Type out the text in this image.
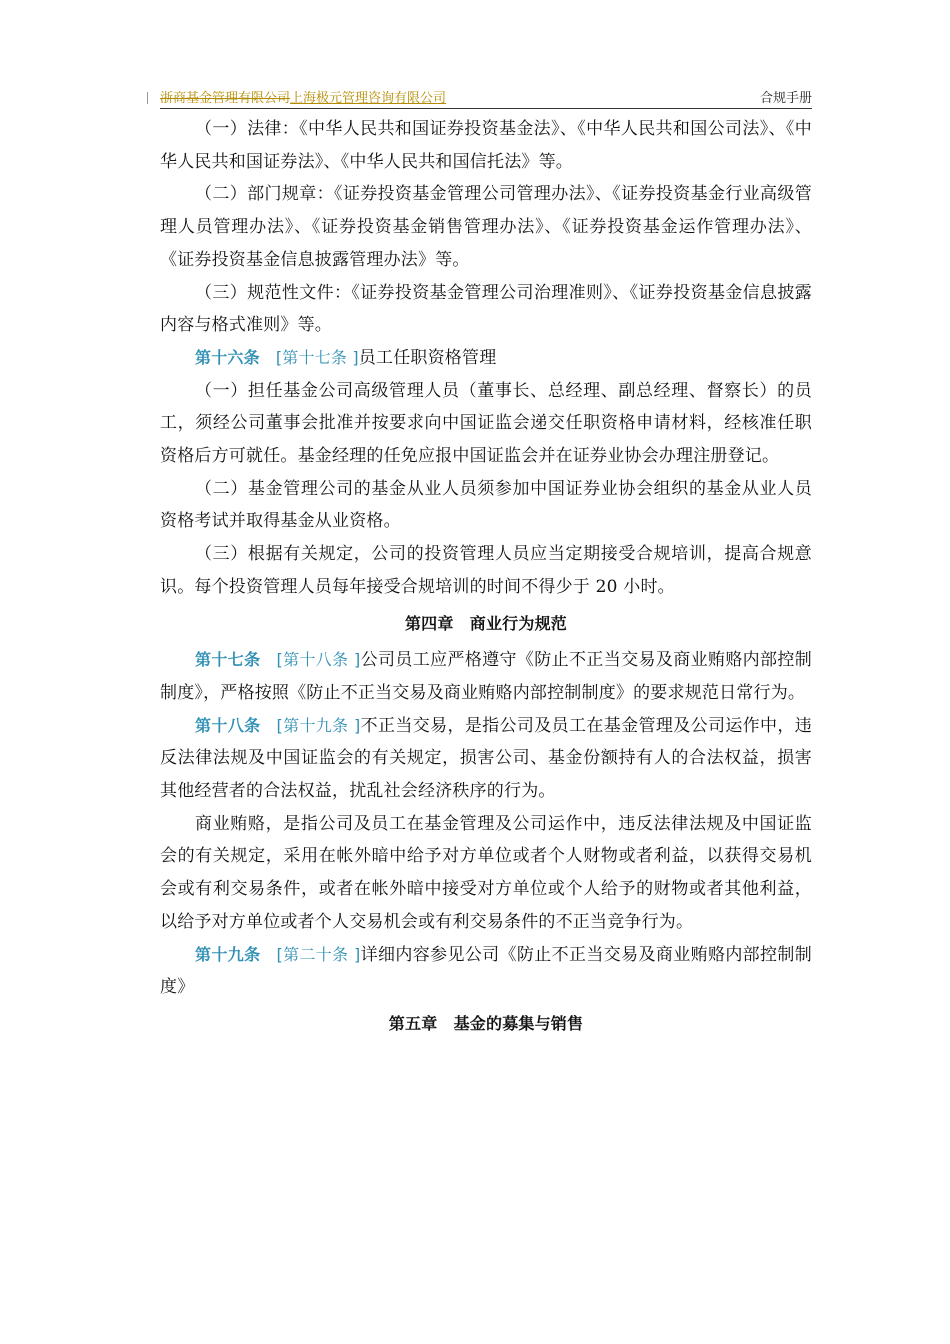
浙商基金管理有限公司上海极元管理咨询有限公司	合规手册

（一）法律：《中华人民共和国证券投资基金法》、《中华人民共和国公司法》、《中华人民共和国证券法》、《中华人民共和国信托法》等。

（二）部门规章：《证券投资基金管理公司管理办法》、《证券投资基金行业高级管理人员管理办法》、《证券投资基金销售管理办法》、《证券投资基金运作管理办法》、《证券投资基金信息披露管理办法》等。

（三）规范性文件：《证券投资基金管理公司治理准则》、《证券投资基金信息披露内容与格式准则》等。

第十六条 [第十七条 ]员工任职资格管理

（一）担任基金公司高级管理人员（董事长、总经理、副总经理、督察长）的员工，须经公司董事会批准并按要求向中国证监会递交任职资格申请材料，经核准任职资格后方可就任。基金经理的任免应报中国证监会并在证券业协会办理注册登记。

（二）基金管理公司的基金从业人员须参加中国证券业协会组织的基金从业人员资格考试并取得基金从业资格。

（三）根据有关规定，公司的投资管理人员应当定期接受合规培训，提高合规意识。每个投资管理人员每年接受合规培训的时间不得少于 20 小时。

第四章　商业行为规范

第十七条 [第十八条 ]公司员工应严格遵守《防止不正当交易及商业贿赂内部控制制度》，严格按照《防止不正当交易及商业贿赂内部控制制度》的要求规范日常行为。

第十八条 [第十九条 ]不正当交易，是指公司及员工在基金管理及公司运作中，违反法律法规及中国证监会的有关规定，损害公司、基金份额持有人的合法权益，损害其他经营者的合法权益，扰乱社会经济秩序的行为。

商业贿赂，是指公司及员工在基金管理及公司运作中，违反法律法规及中国证监会的有关规定，采用在帐外暗中给予对方单位或者个人财物或者利益，以获得交易机会或有利交易条件，或者在帐外暗中接受对方单位或个人给予的财物或者其他利益，以给予对方单位或者个人交易机会或有利交易条件的不正当竞争行为。

第十九条 [第二十条 ]详细内容参见公司《防止不正当交易及商业贿赂内部控制制度》

第五章　基金的募集与销售
